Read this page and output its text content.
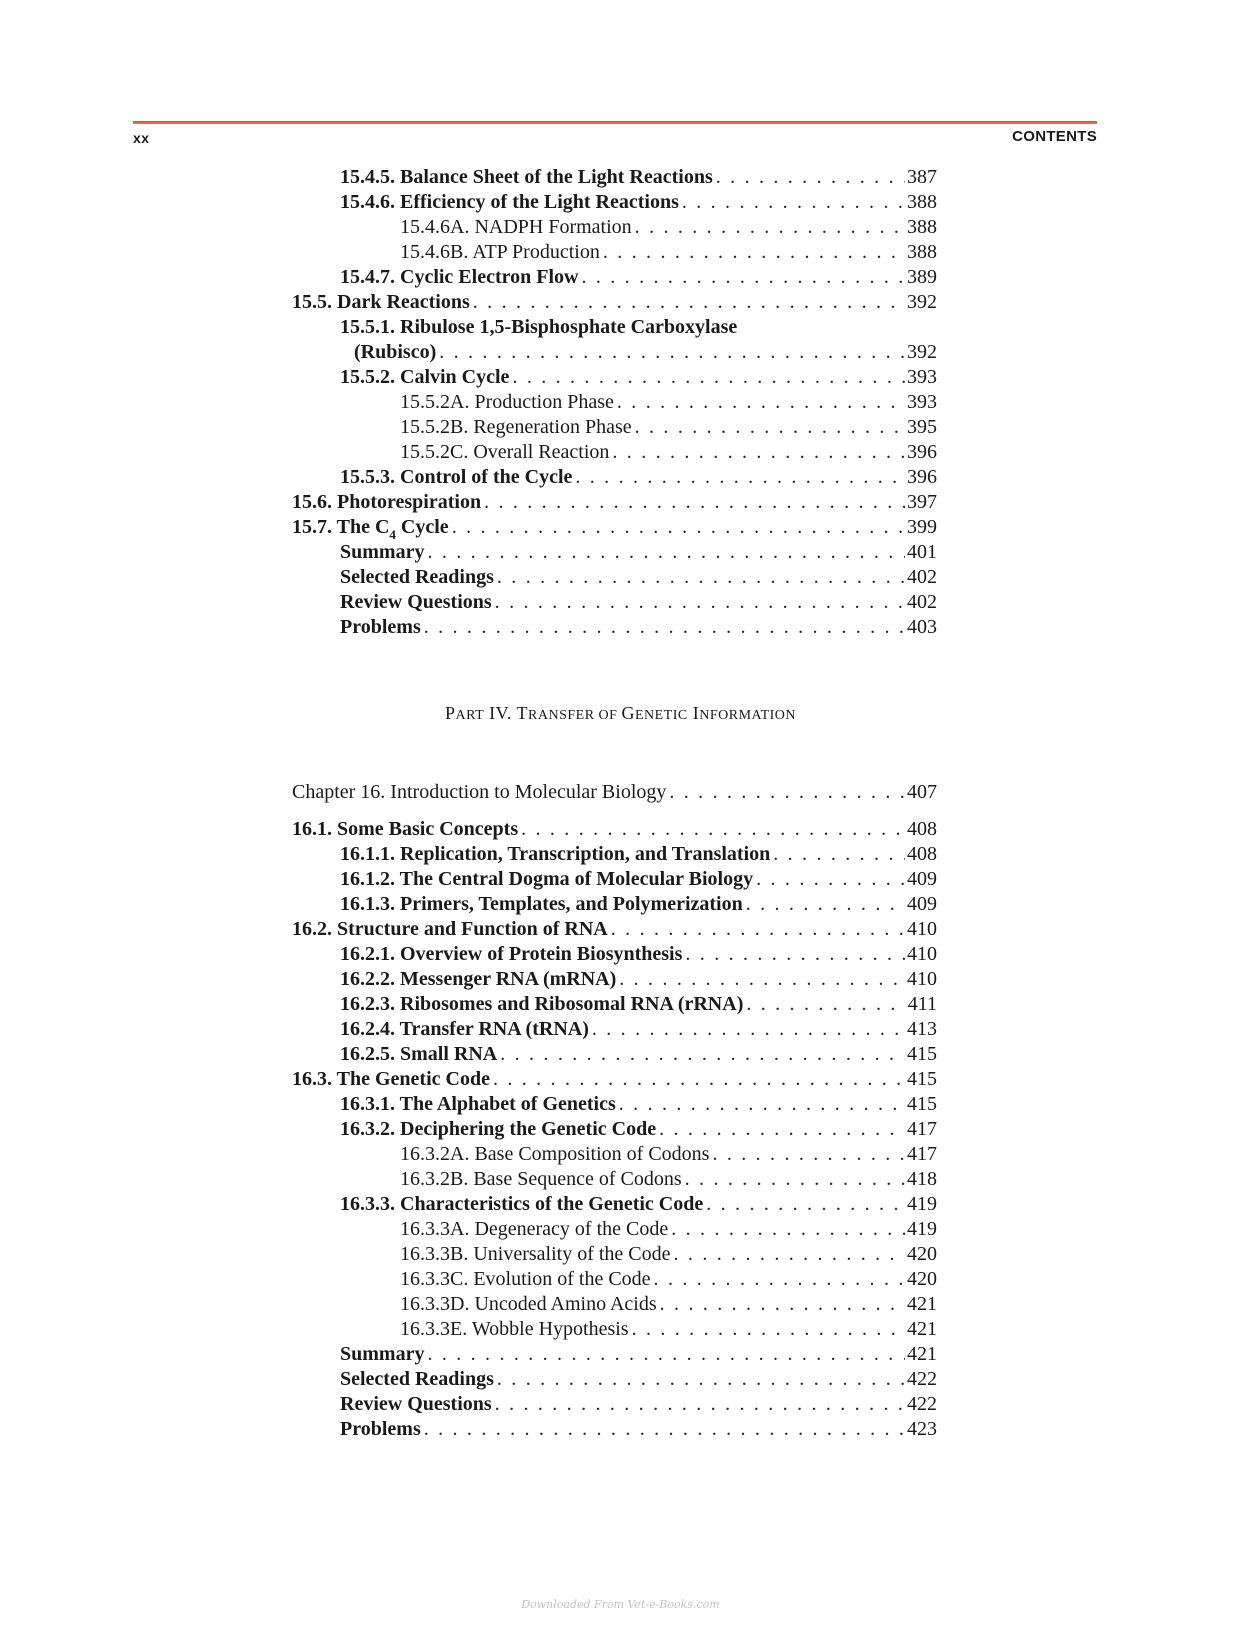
xx	CONTENTS
15.4.5. Balance Sheet of the Light Reactions . . .	387
15.4.6. Efficiency of the Light Reactions . . .	388
15.4.6A. NADPH Formation . . .	388
15.4.6B. ATP Production . . .	388
15.4.7. Cyclic Electron Flow . . .	389
15.5. Dark Reactions . . .	392
15.5.1. Ribulose 1,5-Bisphosphate Carboxylase
(Rubisco) . . .	392
15.5.2. Calvin Cycle . . .	393
15.5.2A. Production Phase . . .	393
15.5.2B. Regeneration Phase . . .	395
15.5.2C. Overall Reaction . . .	396
15.5.3. Control of the Cycle . . .	396
15.6. Photorespiration . . .	397
15.7. The $C_4$ Cycle . . .	399
Summary . . .	401
Selected Readings . . .	402
Review Questions . . .	402
Problems . . .	403
PART IV. TRANSFER OF GENETIC INFORMATION
Chapter 16. Introduction to Molecular Biology . . .	407
16.1. Some Basic Concepts . . .	408
16.1.1. Replication, Transcription, and Translation . . .	408
16.1.2. The Central Dogma of Molecular Biology . . .	409
16.1.3. Primers, Templates, and Polymerization . . .	409
16.2. Structure and Function of RNA . . .	410
16.2.1. Overview of Protein Biosynthesis . . .	410
16.2.2. Messenger RNA (mRNA) . . .	410
16.2.3. Ribosomes and Ribosomal RNA (rRNA) . . .	411
16.2.4. Transfer RNA (tRNA) . . .	413
16.2.5. Small RNA . . .	415
16.3. The Genetic Code . . .	415
16.3.1. The Alphabet of Genetics . . .	415
16.3.2. Deciphering the Genetic Code . . .	417
16.3.2A. Base Composition of Codons . . .	417
16.3.2B. Base Sequence of Codons . . .	418
16.3.3. Characteristics of the Genetic Code . . .	419
16.3.3A. Degeneracy of the Code . . .	419
16.3.3B. Universality of the Code . . .	420
16.3.3C. Evolution of the Code . . .	420
16.3.3D. Uncoded Amino Acids . . .	421
16.3.3E. Wobble Hypothesis . . .	421
Summary . . .	421
Selected Readings . . .	422
Review Questions . . .	422
Problems . . .	423
Downloaded From Vet-e-Books.com
